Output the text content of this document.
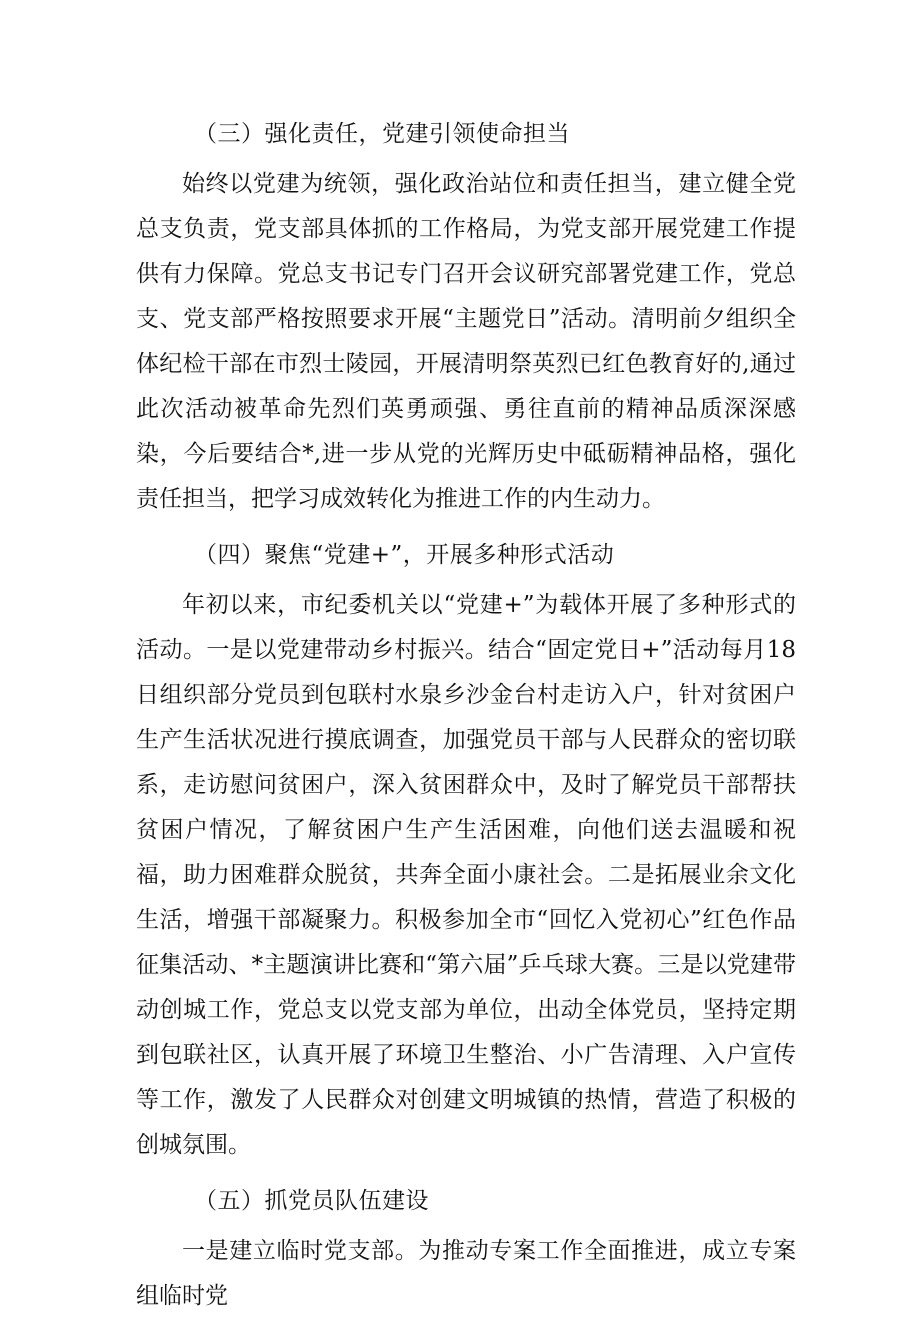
（三）强化责任，党建引领使命担当

始终以党建为统领，强化政治站位和责任担当，建立健全党总支负责，党支部具体抓的工作格局，为党支部开展党建工作提供有力保障。党总支书记专门召开会议研究部署党建工作，党总支、党支部严格按照要求开展“主题党日”活动。清明前夕组织全体纪检干部在市烈士陵园，开展清明祭英烈已红色教育好的,通过此次活动被革命先烈们英勇顽强、勇往直前的精神品质深深感染，今后要结合*,进一步从党的光辉历史中砥砺精神品格，强化责任担当，把学习成效转化为推进工作的内生动力。

（四）聚焦“党建+”，开展多种形式活动

年初以来，市纪委机关以“党建+”为载体开展了多种形式的活动。一是以党建带动乡村振兴。结合“固定党日+”活动每月18日组织部分党员到包联村水泉乡沙金台村走访入户，针对贫困户生产生活状况进行摸底调查，加强党员干部与人民群众的密切联系，走访慰问贫困户，深入贫困群众中，及时了解党员干部帮扶贫困户情况，了解贫困户生产生活困难，向他们送去温暖和祝福，助力困难群众脱贫，共奔全面小康社会。二是拓展业余文化生活，增强干部凝聚力。积极参加全市“回忆入党初心”红色作品征集活动、*主题演讲比赛和“第六届”乒乓球大赛。三是以党建带动创城工作，党总支以党支部为单位，出动全体党员，坚持定期到包联社区，认真开展了环境卫生整治、小广告清理、入户宣传等工作，激发了人民群众对创建文明城镇的热情，营造了积极的创城氛围。

（五）抓党员队伍建设

一是建立临时党支部。为推动专案工作全面推进，成立专案组临时党
